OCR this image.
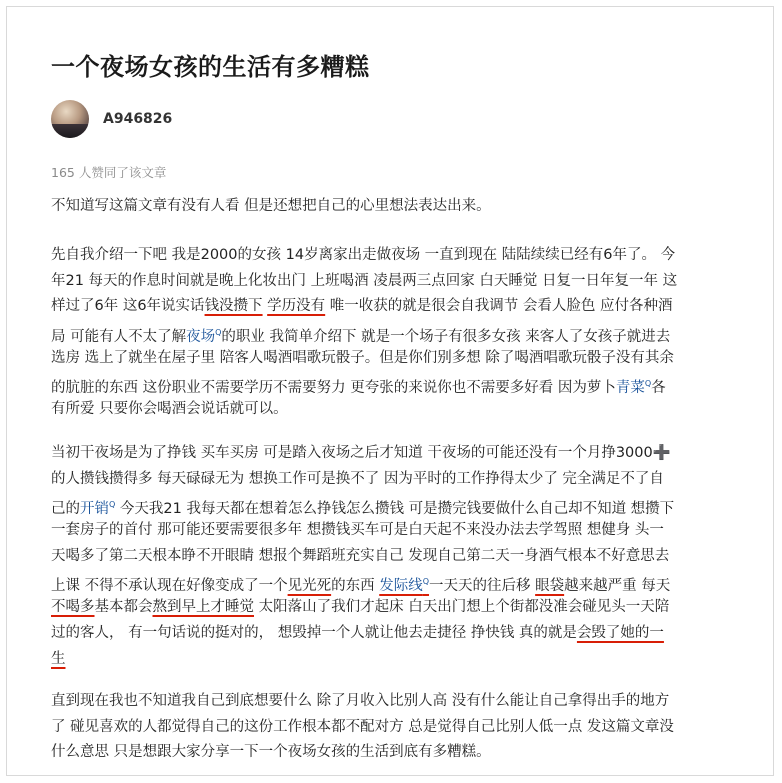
一个夜场女孩的生活有多糟糕
A946826
165 人赞同了该文章
不知道写这篇文章有没有人看 但是还想把自己的心里想法表达出来。
先自我介绍一下吧 我是2000的女孩 14岁离家出走做夜场 一直到现在 陆陆续续已经有6年了。 今
年21 每天的作息时间就是晚上化妆出门 上班喝酒 凌晨两三点回家 白天睡觉 日复一日年复一年 这
样过了6年 这6年说实话钱没攒下 学历没有 唯一收获的就是很会自我调节 会看人脸色 应付各种酒
局 可能有人不太了解夜场$^Q$的职业 我简单介绍下 就是一个场子有很多女孩 来客人了女孩子就进去
选房 选上了就坐在屋子里 陪客人喝酒唱歌玩骰子。但是你们别多想 除了喝酒唱歌玩骰子没有其余
的肮脏的东西 这份职业不需要学历不需要努力 更夸张的来说你也不需要多好看 因为萝卜青菜$^Q$各
有所爱 只要你会喝酒会说话就可以。
当初干夜场是为了挣钱 买车买房 可是踏入夜场之后才知道 干夜场的可能还没有一个月挣3000➕
的人攒钱攒得多 每天碌碌无为 想换工作可是换不了 因为平时的工作挣得太少了 完全满足不了自
己的开销$^Q$ 今天我21 我每天都在想着怎么挣钱怎么攒钱 可是攒完钱要做什么自己却不知道 想攒下
一套房子的首付 那可能还要需要很多年 想攒钱买车可是白天起不来没办法去学驾照 想健身 头一
天喝多了第二天根本睁不开眼睛 想报个舞蹈班充实自己 发现自己第二天一身酒气根本不好意思去
上课 不得不承认现在好像变成了一个见光死的东西 发际线$^Q$一天天的往后移 眼袋越来越严重 每天
不喝多基本都会熬到早上才睡觉 太阳落山了我们才起床 白天出门想上个街都没准会碰见头一天陪
过的客人， 有一句话说的挺对的， 想毁掉一个人就让他去走捷径 挣快钱 真的就是会毁了她的一
生
直到现在我也不知道我自己到底想要什么 除了月收入比别人高 没有什么能让自己拿得出手的地方
了 碰见喜欢的人都觉得自己的这份工作根本都不配对方 总是觉得自己比别人低一点 发这篇文章没
什么意思 只是想跟大家分享一下一个夜场女孩的生活到底有多糟糕。
